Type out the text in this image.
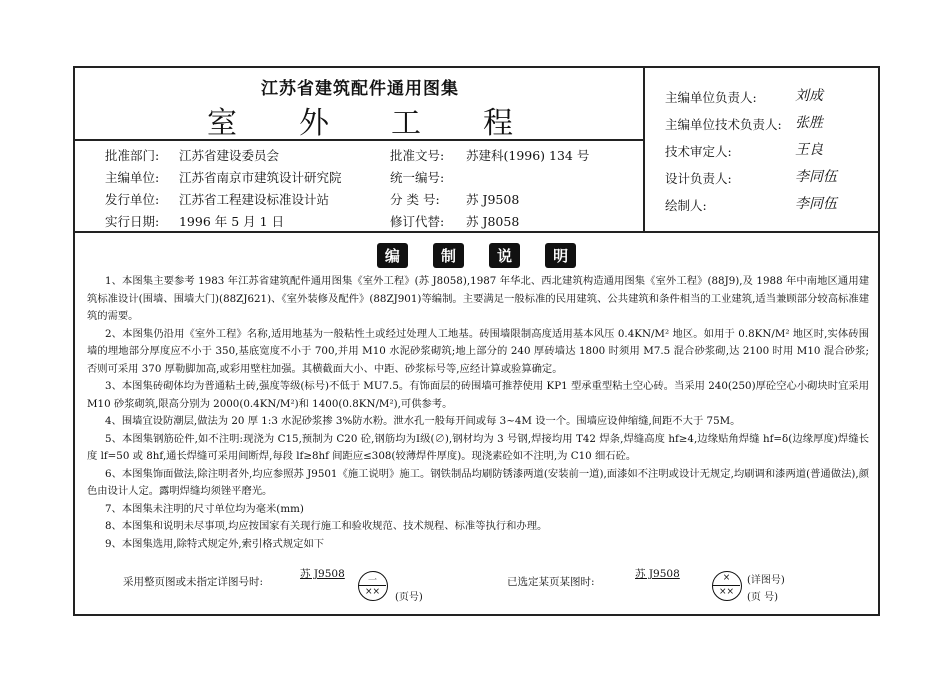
江苏省建筑配件通用图集
室外工程
批准部门: 江苏省建设委员会
主编单位: 江苏省南京市建筑设计研究院
发行单位: 江苏省工程建设标准设计站
实行日期: 1996 年 5 月 1 日
批准文号: 苏建科(1996) 134 号
统一编号:
分 类 号: 苏 J9508
修订代替: 苏 J8058
主编单位负责人:	刘成
主编单位技术负责人: 张胜
技术审定人:	王良
设计负责人:	李同伍
绘制人:	李同伍
编	制	说	明

1、本图集主要参考 1983 年江苏省建筑配件通用图集《室外工程》(苏 J8058),1987 年华北、西北建筑构造通用图集《室外工程》(88J9),及 1988 年中南地区通用建筑标准设计(围墙、围墙大门)(88ZJ621)、《室外装修及配件》(88ZJ901)等编制。主要满足一般标准的民用建筑、公共建筑和条件相当的工业建筑,适当兼顾部分较高标准建筑的需要。

2、本图集仍沿用《室外工程》名称,适用地基为一般粘性土或经过处理人工地基。砖围墙限制高度适用基本风压 0.4KN/M² 地区。如用于 0.8KN/M² 地区时,实体砖围墙的埋地部分厚度应不小于 350,基底宽度不小于 700,并用 M10 水泥砂浆砌筑;地上部分的 240 厚砖墙达 1800 时须用 M7.5 混合砂浆砌,达 2100 时用 M10 混合砂浆;否则可采用 370 厚勒脚加高,或彩用壁柱加强。其横截面大小、中距、砂浆标号等,应经计算或验算确定。

3、本图集砖砌体均为普通粘土砖,强度等级(标号)不低于 MU7.5。有饰面层的砖围墙可推荐使用 KP1 型承重型粘土空心砖。当采用 240(250)厚砼空心小砌块时宜采用 M10 砂浆砌筑,限高分别为 2000(0.4KN/M²)和 1400(0.8KN/M²),可供参考。

4、围墙宜设防潮层,做法为 20 厚 1:3 水泥砂浆掺 3%防水粉。泄水孔一般每开间或每 3~4M 设一个。围墙应设伸缩缝,间距不大于 75M。

5、本图集钢筋砼件,如不注明:现浇为 C15,预制为 C20 砼,钢筋均为Ⅰ级(∅),钢材均为 3 号钢,焊接均用 T42 焊条,焊缝高度 hf≥4,边缘贴角焊缝 hf=δ(边缘厚度)焊缝长度 lf=50 或 8hf,通长焊缝可采用间断焊,每段 lf≥8hf 间距应≤308(较薄焊件厚度)。现浇素砼如不注明,为 C10 细石砼。

6、本图集饰面做法,除注明者外,均应参照苏 J9501《施工说明》施工。钢铁制品均刷防锈漆两道(安装前一道),面漆如不注明或设计无规定,均刷调和漆两道(普通做法),颜色由设计人定。露明焊缝均须锉平磨光。

7、本图集未注明的尺寸单位均为毫米(mm)

8、本图集和说明未尽事项,均应按国家有关现行施工和验收规范、技术规程、标准等执行和办理。

9、本图集选用,除特式规定外,索引格式规定如下

采用整页图或未指定详图号时:
苏 J9508
一
××	(页号)
已选定某页某图时:
苏 J9508	×
××
(详图号)
(页 号)
